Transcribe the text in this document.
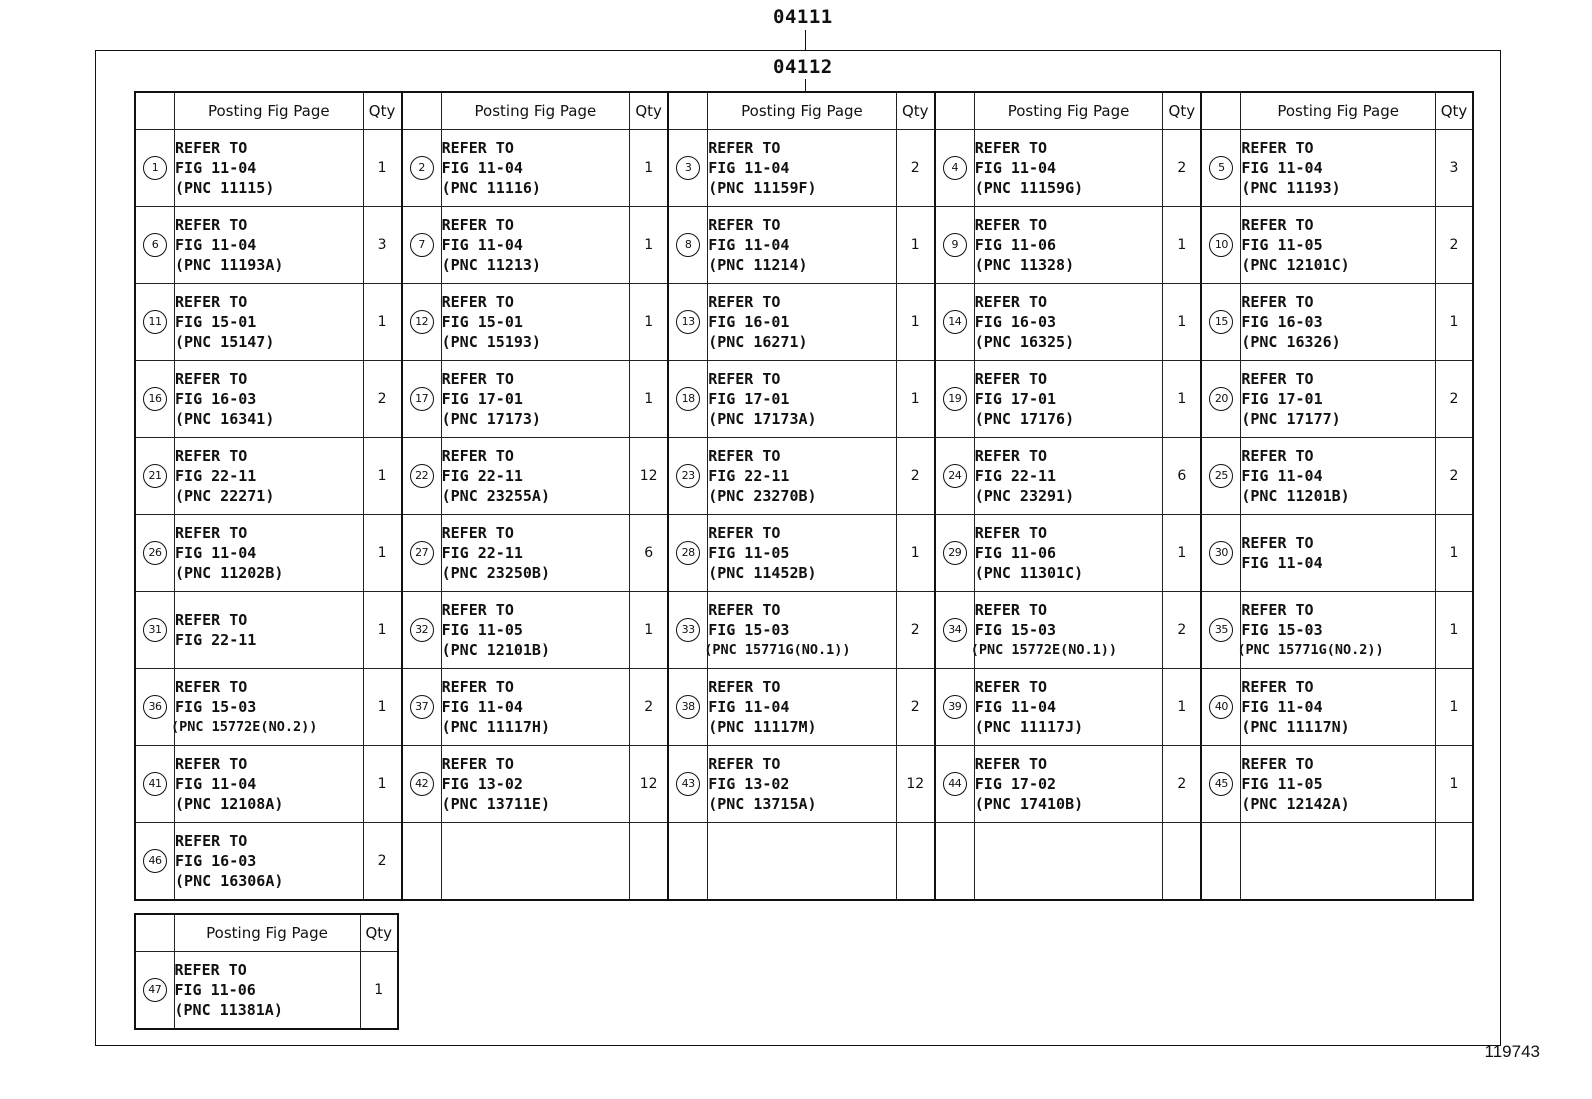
04111
04112
	Posting Fig Page	Qty		Posting Fig Page	Qty		Posting Fig Page	Qty		Posting Fig Page	Qty		Posting Fig Page	Qty
1	REFER TO
FIG 11-04
(PNC 11115)	1	2	REFER TO
FIG 11-04
(PNC 11116)	1	3	REFER TO
FIG 11-04
(PNC 11159F)	2	4	REFER TO
FIG 11-04
(PNC 11159G)	2	5	REFER TO
FIG 11-04
(PNC 11193)	3
6	REFER TO
FIG 11-04
(PNC 11193A)	3	7	REFER TO
FIG 11-04
(PNC 11213)	1	8	REFER TO
FIG 11-04
(PNC 11214)	1	9	REFER TO
FIG 11-06
(PNC 11328)	1	10	REFER TO
FIG 11-05
(PNC 12101C)	2
11	REFER TO
FIG 15-01
(PNC 15147)	1	12	REFER TO
FIG 15-01
(PNC 15193)	1	13	REFER TO
FIG 16-01
(PNC 16271)	1	14	REFER TO
FIG 16-03
(PNC 16325)	1	15	REFER TO
FIG 16-03
(PNC 16326)	1
16	REFER TO
FIG 16-03
(PNC 16341)	2	17	REFER TO
FIG 17-01
(PNC 17173)	1	18	REFER TO
FIG 17-01
(PNC 17173A)	1	19	REFER TO
FIG 17-01
(PNC 17176)	1	20	REFER TO
FIG 17-01
(PNC 17177)	2
21	REFER TO
FIG 22-11
(PNC 22271)	1	22	REFER TO
FIG 22-11
(PNC 23255A)	12	23	REFER TO
FIG 22-11
(PNC 23270B)	2	24	REFER TO
FIG 22-11
(PNC 23291)	6	25	REFER TO
FIG 11-04
(PNC 11201B)	2
26	REFER TO
FIG 11-04
(PNC 11202B)	1	27	REFER TO
FIG 22-11
(PNC 23250B)	6	28	REFER TO
FIG 11-05
(PNC 11452B)	1	29	REFER TO
FIG 11-06
(PNC 11301C)	1	30	REFER TO
FIG 11-04	1
31	REFER TO
FIG 22-11	1	32	REFER TO
FIG 11-05
(PNC 12101B)	1	33	REFER TO
FIG 15-03
(PNC 15771G(NO.1))	2	34	REFER TO
FIG 15-03
(PNC 15772E(NO.1))	2	35	REFER TO
FIG 15-03
(PNC 15771G(NO.2))	1
36	REFER TO
FIG 15-03
(PNC 15772E(NO.2))	1	37	REFER TO
FIG 11-04
(PNC 11117H)	2	38	REFER TO
FIG 11-04
(PNC 11117M)	2	39	REFER TO
FIG 11-04
(PNC 11117J)	1	40	REFER TO
FIG 11-04
(PNC 11117N)	1
41	REFER TO
FIG 11-04
(PNC 12108A)	1	42	REFER TO
FIG 13-02
(PNC 13711E)	12	43	REFER TO
FIG 13-02
(PNC 13715A)	12	44	REFER TO
FIG 17-02
(PNC 17410B)	2	45	REFER TO
FIG 11-05
(PNC 12142A)	1
46	REFER TO
FIG 16-03
(PNC 16306A)	2												
	Posting Fig Page	Qty
47	REFER TO
FIG 11-06
(PNC 11381A)	1
119743
